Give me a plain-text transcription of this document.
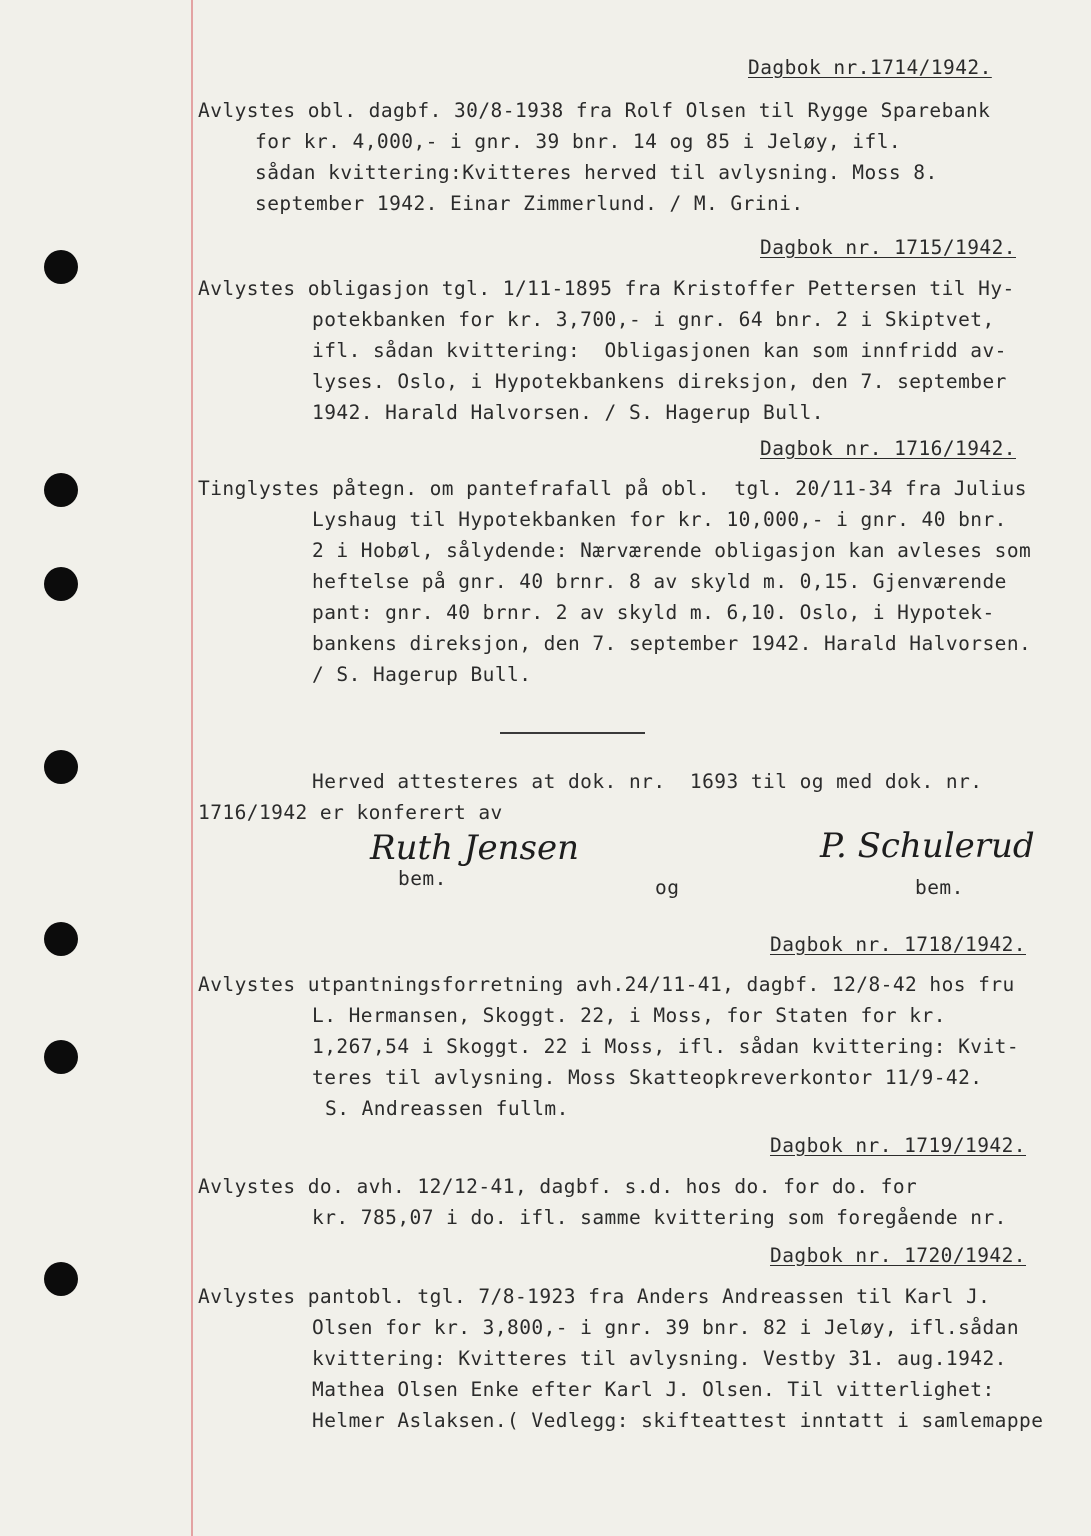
Dagbok nr.1714/1942.
Avlystes obl. dagbf. 30/8-1938 fra Rolf Olsen til Rygge Sparebank
for kr. 4,000,- i gnr. 39 bnr. 14 og 85 i Jeløy, ifl.
sådan kvittering:Kvitteres herved til avlysning. Moss 8.
september 1942. Einar Zimmerlund. / M. Grini.
Dagbok nr. 1715/1942.
Avlystes obligasjon tgl. 1/11-1895 fra Kristoffer Pettersen til Hy-
potekbanken for kr. 3,700,- i gnr. 64 bnr. 2 i Skiptvet,
ifl. sådan kvittering:  Obligasjonen kan som innfridd av-
lyses. Oslo, i Hypotekbankens direksjon, den 7. september
1942. Harald Halvorsen. / S. Hagerup Bull.
Dagbok nr. 1716/1942.
Tinglystes påtegn. om pantefrafall på obl.  tgl. 20/11-34 fra Julius
Lyshaug til Hypotekbanken for kr. 10,000,- i gnr. 40 bnr.
2 i Hobøl, sålydende: Nærværende obligasjon kan avleses som
heftelse på gnr. 40 brnr. 8 av skyld m. 0,15. Gjenværende
pant: gnr. 40 brnr. 2 av skyld m. 6,10. Oslo, i Hypotek-
bankens direksjon, den 7. september 1942. Harald Halvorsen.
/ S. Hagerup Bull.
Herved attesteres at dok. nr.  1693 til og med dok. nr.
1716/1942 er konferert av
Ruth Jensen	P. Schulerud
bem.	og	bem.
Dagbok nr. 1718/1942.
Avlystes utpantningsforretning avh.24/11-41, dagbf. 12/8-42 hos fru
L. Hermansen, Skoggt. 22, i Moss, for Staten for kr.
1,267,54 i Skoggt. 22 i Moss, ifl. sådan kvittering: Kvit-
teres til avlysning. Moss Skatteopkreverkontor 11/9-42.
S. Andreassen fullm.
Dagbok nr. 1719/1942.
Avlystes do. avh. 12/12-41, dagbf. s.d. hos do. for do. for
kr. 785,07 i do. ifl. samme kvittering som foregående nr.
Dagbok nr. 1720/1942.
Avlystes pantobl. tgl. 7/8-1923 fra Anders Andreassen til Karl J.
Olsen for kr. 3,800,- i gnr. 39 bnr. 82 i Jeløy, ifl.sådan
kvittering: Kvitteres til avlysning. Vestby 31. aug.1942.
Mathea Olsen Enke efter Karl J. Olsen. Til vitterlighet:
Helmer Aslaksen.( Vedlegg: skifteattest inntatt i samlemappe
